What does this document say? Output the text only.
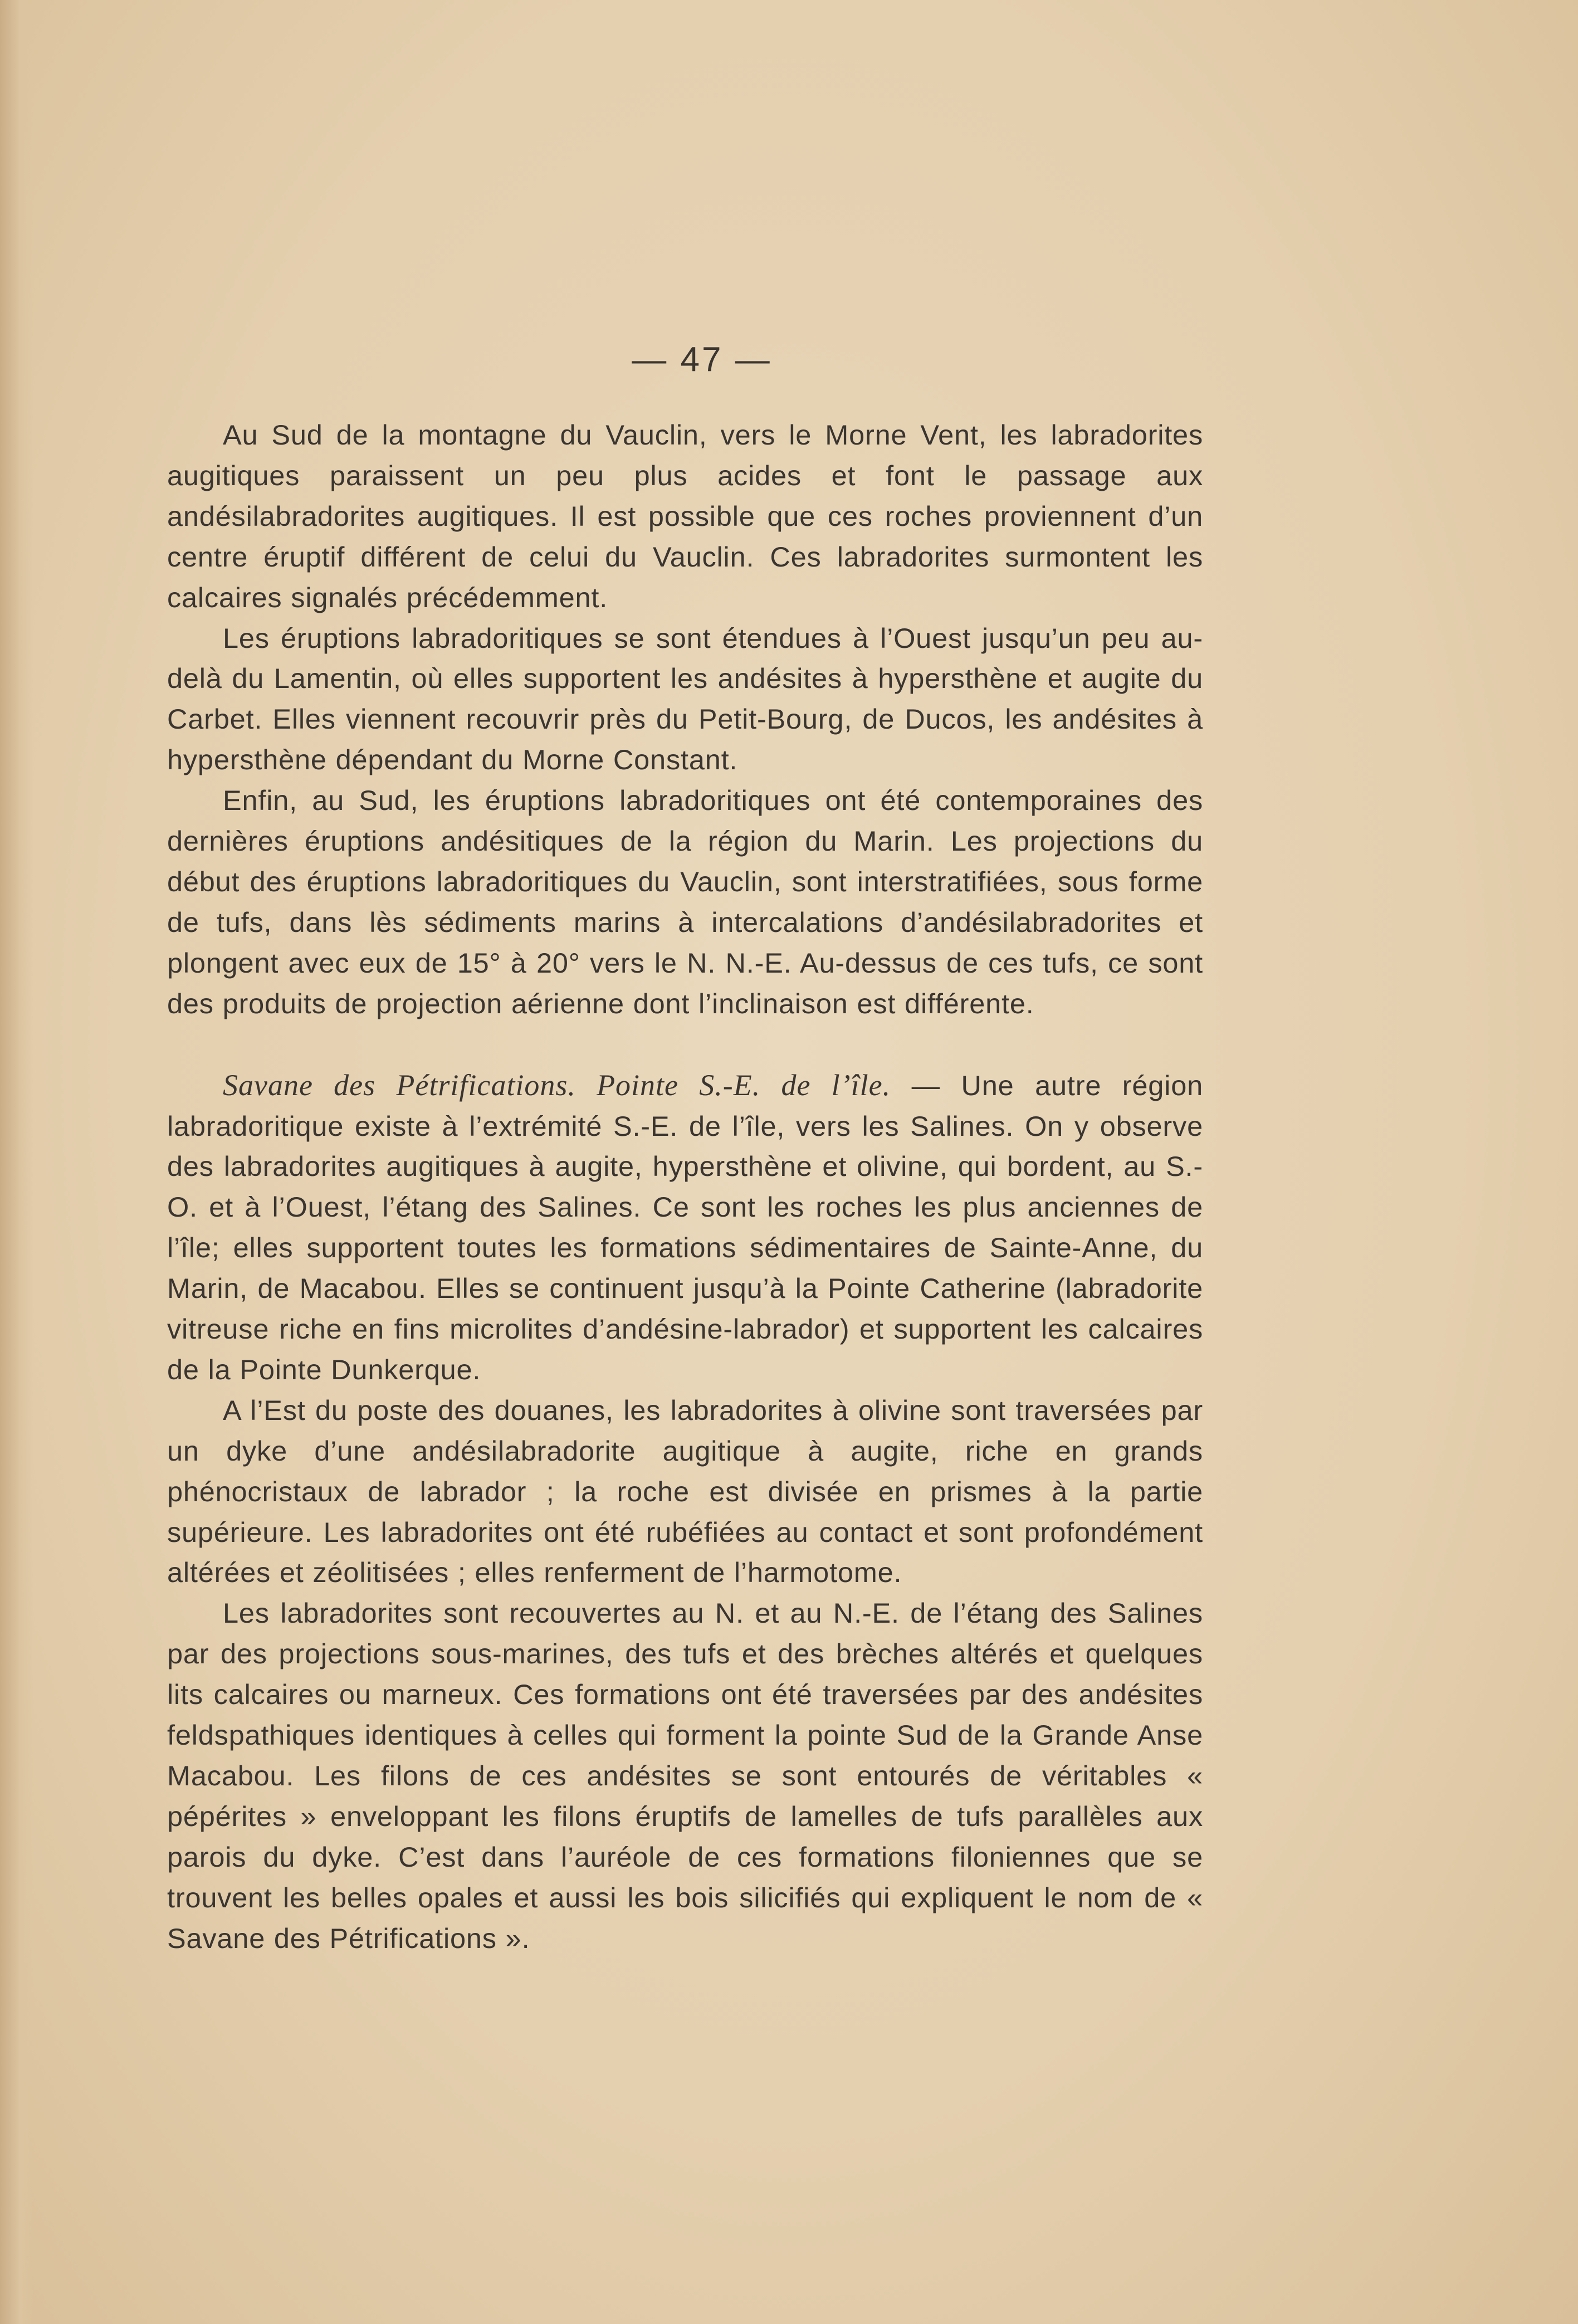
— 47 —

Au Sud de la montagne du Vauclin, vers le Morne Vent, les labradorites augitiques paraissent un peu plus acides et font le passage aux andésilabradorites augitiques. Il est possible que ces roches proviennent d’un centre éruptif différent de celui du Vauclin. Ces labradorites surmontent les calcaires signalés précédemment.

Les éruptions labradoritiques se sont étendues à l’Ouest jusqu’un peu au-delà du Lamentin, où elles supportent les andésites à hypersthène et augite du Carbet. Elles viennent recouvrir près du Petit-Bourg, de Ducos, les andésites à hypersthène dépendant du Morne Constant.

Enfin, au Sud, les éruptions labradoritiques ont été contemporaines des dernières éruptions andésitiques de la région du Marin. Les projections du début des éruptions labradoritiques du Vauclin, sont interstratifiées, sous forme de tufs, dans lès sédiments marins à intercalations d’andésilabradorites et plongent avec eux de 15° à 20° vers le N. N.-E. Au-dessus de ces tufs, ce sont des produits de projection aérienne dont l’inclinaison est différente.

Savane des Pétrifications. Pointe S.-E. de l’île. — Une autre région labradoritique existe à l’extrémité S.-E. de l’île, vers les Salines. On y observe des labradorites augitiques à augite, hypersthène et olivine, qui bordent, au S.-O. et à l’Ouest, l’étang des Salines. Ce sont les roches les plus anciennes de l’île; elles supportent toutes les formations sédimentaires de Sainte-Anne, du Marin, de Macabou. Elles se continuent jusqu’à la Pointe Catherine (labradorite vitreuse riche en fins microlites d’andésine-labrador) et supportent les calcaires de la Pointe Dunkerque.

A l’Est du poste des douanes, les labradorites à olivine sont traversées par un dyke d’une andésilabradorite augitique à augite, riche en grands phénocristaux de labrador ; la roche est divisée en prismes à la partie supérieure. Les labradorites ont été rubéfiées au contact et sont profondément altérées et zéolitisées ; elles renferment de l’harmotome.

Les labradorites sont recouvertes au N. et au N.-E. de l’étang des Salines par des projections sous-marines, des tufs et des brèches altérés et quelques lits calcaires ou marneux. Ces formations ont été traversées par des andésites feldspathiques identiques à celles qui forment la pointe Sud de la Grande Anse Macabou. Les filons de ces andésites se sont entourés de véritables « pépérites » enveloppant les filons éruptifs de lamelles de tufs parallèles aux parois du dyke. C’est dans l’auréole de ces formations filoniennes que se trouvent les belles opales et aussi les bois silicifiés qui expliquent le nom de « Savane des Pétrifications ».
